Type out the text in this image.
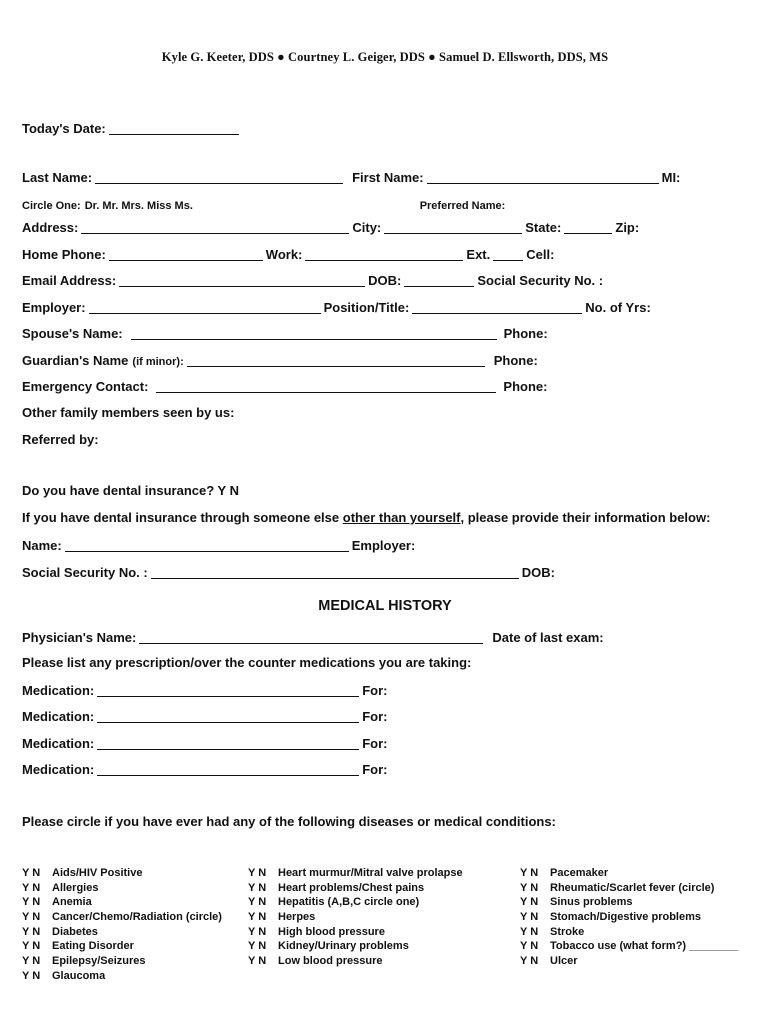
Kyle G. Keeter, DDS ● Courtney L. Geiger, DDS ● Samuel D. Ellsworth, DDS, MS
Today's Date:
Last Name:	First Name:	MI:
Circle One: Dr. Mr. Mrs. Miss Ms.	Preferred Name:
Address:	City:	State:	Zip:
Home Phone:	Work:	Ext.	Cell:
Email Address:	DOB:	Social Security No. :
Employer:	Position/Title:	No. of Yrs:
Spouse's Name:	Phone:
Guardian's Name (if minor):	Phone:
Emergency Contact:	Phone:
Other family members seen by us:
Referred by:
Do you have dental insurance? Y N
If you have dental insurance through someone else other than yourself, please provide their information below:
Name:	Employer:
Social Security No. :	DOB:
MEDICAL HISTORY
Physician's Name:	Date of last exam:
Please list any prescription/over the counter medications you are taking:
Medication:	For:
Medication:	For:
Medication:	For:
Medication:	For:
Please circle if you have ever had any of the following diseases or medical conditions:
Y N Aids/HIV Positive
Y N Allergies
Y N Anemia
Y N Cancer/Chemo/Radiation (circle)
Y N Diabetes
Y N Eating Disorder
Y N Epilepsy/Seizures
Y N Glaucoma
Y N Heart murmur/Mitral valve prolapse
Y N Heart problems/Chest pains
Y N Hepatitis (A,B,C circle one)
Y N Herpes
Y N High blood pressure
Y N Kidney/Urinary problems
Y N Low blood pressure
Y N Pacemaker
Y N Rheumatic/Scarlet fever (circle)
Y N Sinus problems
Y N Stomach/Digestive problems
Y N Stroke
Y N Tobacco use (what form?) ________
Y N Ulcer
